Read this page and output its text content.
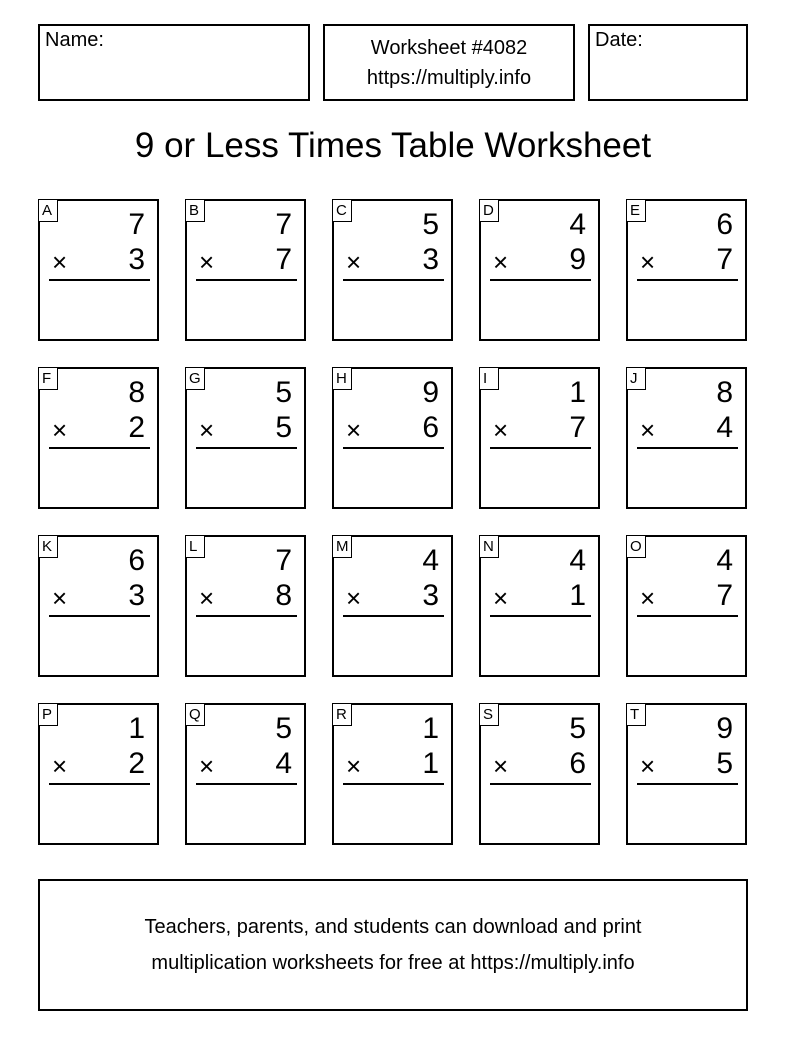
Name:	Worksheet #4082
https://multiply.info
Date:
9 or Less Times Table Worksheet
A	7
× 3
B	7
× 7
C	5
× 3
D	4
× 9
E	6
× 7
F	8
× 2
G 5
× 5
H	9
× 6
I	1
× 7
J	8
× 4
K	6
× 3
L	7
× 8
M 4
× 3
N	4
× 1
O 4
× 7
P	1
× 2
Q 5
× 4
R	1
× 1
S	5
× 6
T	9
× 5
Teachers, parents, and students can download and print
multiplication worksheets for free at https://multiply.info
